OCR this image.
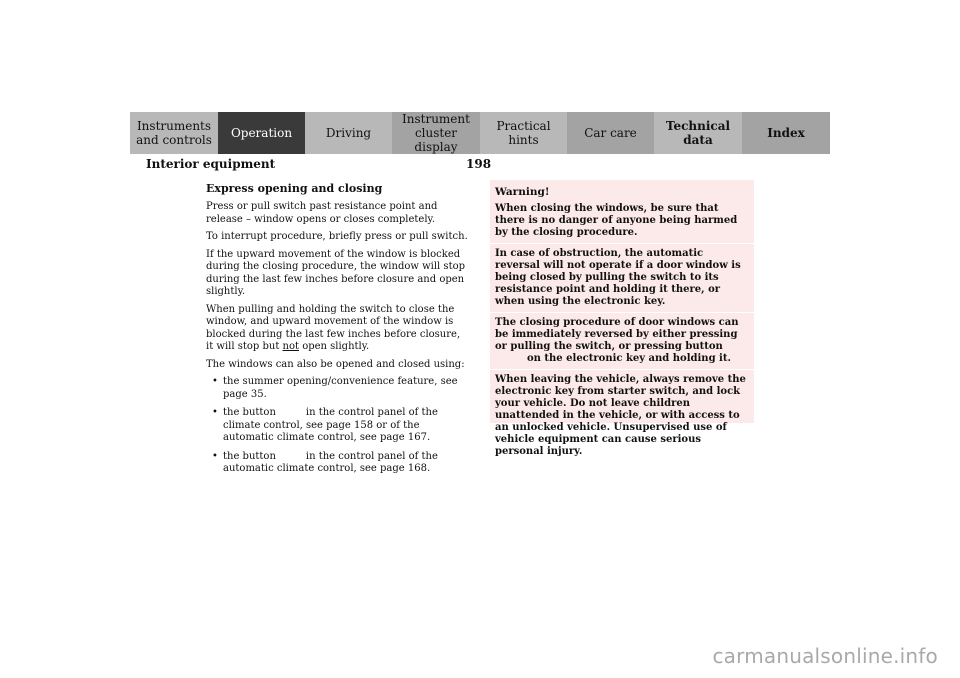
Instruments
and controls Operation	Driving
Instrument
cluster display
Practical hints	Car care Technical
data	Index
Interior equipment	198
Express opening and closing

Press or pull switch past resistance point and release – window opens or closes completely.

To interrupt procedure, briefly press or pull switch.

If the upward movement of the window is blocked during the closing procedure, the window will stop during the last few inches before closure and open slightly.

When pulling and holding the switch to close the window, and upward movement of the window is blocked during the last few inches before closure, it will stop but not open slightly.

The windows can also be opened and closed using:

• the summer opening/convenience feature, see page 35.
• the button	in the control panel of the climate control, see page 158 or of the automatic climate control, see page 167.
• the button	in the control panel of the automatic climate control, see page 168.
Warning!

When closing the windows, be sure that there is no danger of anyone being harmed by the closing procedure.

In case of obstruction, the automatic reversal will not operate if a door window is being closed by pulling the switch to its resistance point and holding it there, or when using the electronic key.

The closing procedure of door windows can be immediately reversed by either pressing or pulling the switch, or pressing buttonon the electronic key and holding it.

When leaving the vehicle, always remove the electronic key from starter switch, and lock your vehicle. Do not leave children unattended in the vehicle, or with access to an unlocked vehicle. Unsupervised use of vehicle equipment can cause serious personal injury.

carmanualsonline.info
